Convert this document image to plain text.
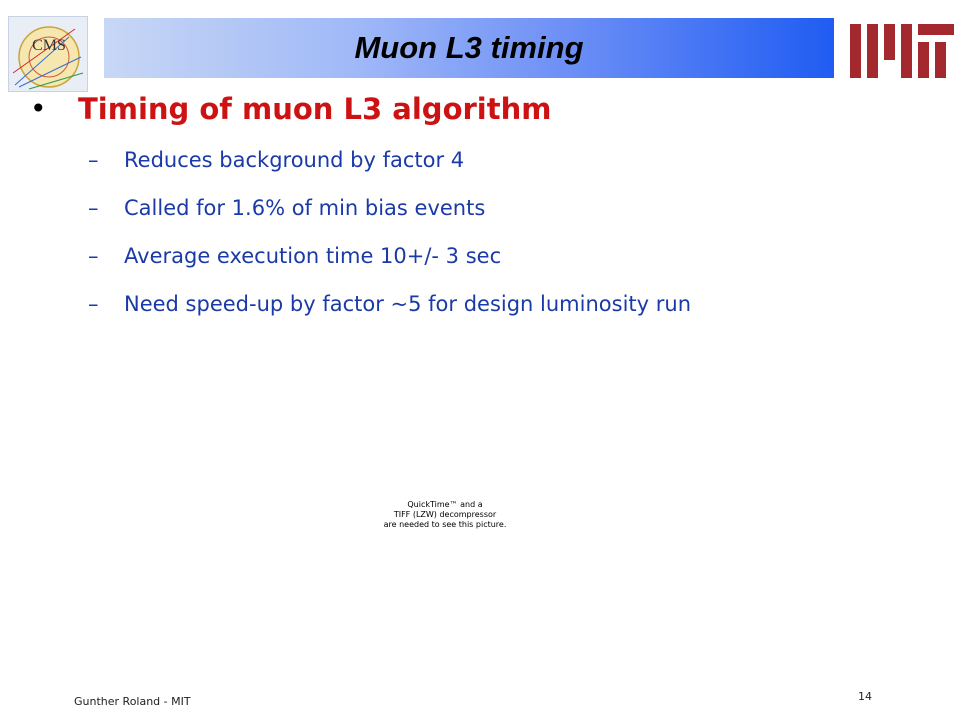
CMS	Muon L3 timing
•	Timing of muon L3 algorithm
–	Reduces background by factor 4
–	Called for 1.6% of min bias events
–	Average execution time 10+/- 3 sec
–	Need speed-up by factor ~5 for design luminosity run
QuickTime™ and a
TIFF (LZW) decompressor
are needed to see this picture.
Gunther Roland - MIT	14
